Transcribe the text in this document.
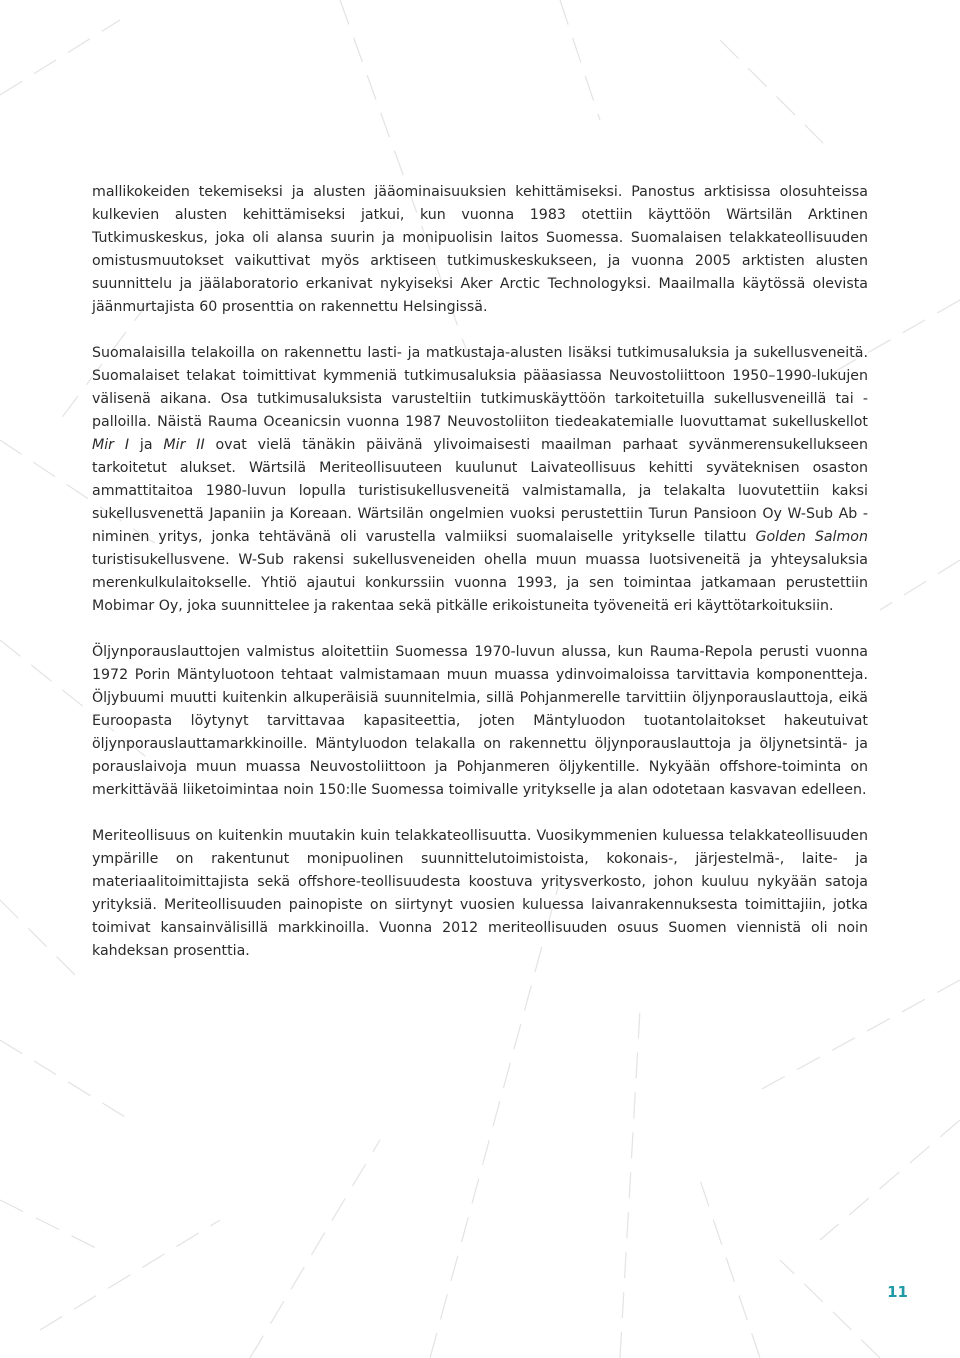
mallikokeiden tekemiseksi ja alusten jääominaisuuksien kehittämiseksi. Panostus arktisissa olosuhteissa kulkevien alusten kehittämiseksi jatkui, kun vuonna 1983 otettiin käyttöön Wärtsilän Arktinen Tutkimuskeskus, joka oli alansa suurin ja monipuolisin laitos Suomessa. Suomalaisen telakkateollisuuden omistusmuutokset vaikuttivat myös arktiseen tutkimuskeskukseen, ja vuonna 2005 arktisten alusten suunnittelu ja jäälaboratorio erkanivat nykyiseksi Aker Arctic Technologyksi. Maailmalla käytössä olevista jäänmurtajista 60 prosenttia on rakennettu Helsingissä.

Suomalaisilla telakoilla on rakennettu lasti- ja matkustaja-alusten lisäksi tutkimusaluksia ja sukellusveneitä. Suomalaiset telakat toimittivat kymmeniä tutkimusaluksia pääasiassa Neuvostoliittoon 1950–1990-lukujen välisenä aikana. Osa tutkimusaluksista varusteltiin tutkimuskäyttöön tarkoitetuilla sukellusveneillä tai -palloilla. Näistä Rauma Oceanicsin vuonna 1987 Neuvostoliiton tiedeakatemialle luovuttamat sukelluskellot Mir I ja Mir II ovat vielä tänäkin päivänä ylivoimaisesti maailman parhaat syvänmerensukellukseen tarkoitetut alukset. Wärtsilä Meriteollisuuteen kuulunut Laivateollisuus kehitti syväteknisen osaston ammattitaitoa 1980-luvun lopulla turistisukellusveneitä valmistamalla, ja telakalta luovutettiin kaksi sukellusvenettä Japaniin ja Koreaan. Wärtsilän ongelmien vuoksi perustettiin Turun Pansioon Oy W-Sub Ab -niminen yritys, jonka tehtävänä oli varustella valmiiksi suomalaiselle yritykselle tilattu Golden Salmon turistisukellusvene. W-Sub rakensi sukellusveneiden ohella muun muassa luotsiveneitä ja yhteysaluksia merenkulkulaitokselle. Yhtiö ajautui konkurssiin vuonna 1993, ja sen toimintaa jatkamaan perustettiin Mobimar Oy, joka suunnittelee ja rakentaa sekä pitkälle erikoistuneita työveneitä eri käyttötarkoituksiin.

Öljynporauslauttojen valmistus aloitettiin Suomessa 1970-luvun alussa, kun Rauma-Repola perusti vuonna 1972 Porin Mäntyluotoon tehtaat valmistamaan muun muassa ydinvoimaloissa tarvittavia komponentteja. Öljybuumi muutti kuitenkin alkuperäisiä suunnitelmia, sillä Pohjanmerelle tarvittiin öljynporauslauttoja, eikä Euroopasta löytynyt tarvittavaa kapasiteettia, joten Mäntyluodon tuotantolaitokset hakeutuivat öljynporauslauttamarkkinoille. Mäntyluodon telakalla on rakennettu öljynporauslauttoja ja öljynetsintä- ja porauslaivoja muun muassa Neuvostoliittoon ja Pohjanmeren öljykentille. Nykyään offshore-toiminta on merkittävää liiketoimintaa noin 150:lle Suomessa toimivalle yritykselle ja alan odotetaan kasvavan edelleen.

Meriteollisuus on kuitenkin muutakin kuin telakkateollisuutta. Vuosikymmenien kuluessa telakkateollisuuden ympärille on rakentunut monipuolinen suunnittelutoimistoista, kokonais-, järjestelmä-, laite- ja materiaalitoimittajista sekä offshore-teollisuudesta koostuva yritysverkosto, johon kuuluu nykyään satoja yrityksiä. Meriteollisuuden painopiste on siirtynyt vuosien kuluessa laivanrakennuksesta toimittajiin, jotka toimivat kansainvälisillä markkinoilla. Vuonna 2012 meriteollisuuden osuus Suomen viennistä oli noin kahdeksan prosenttia.

11
